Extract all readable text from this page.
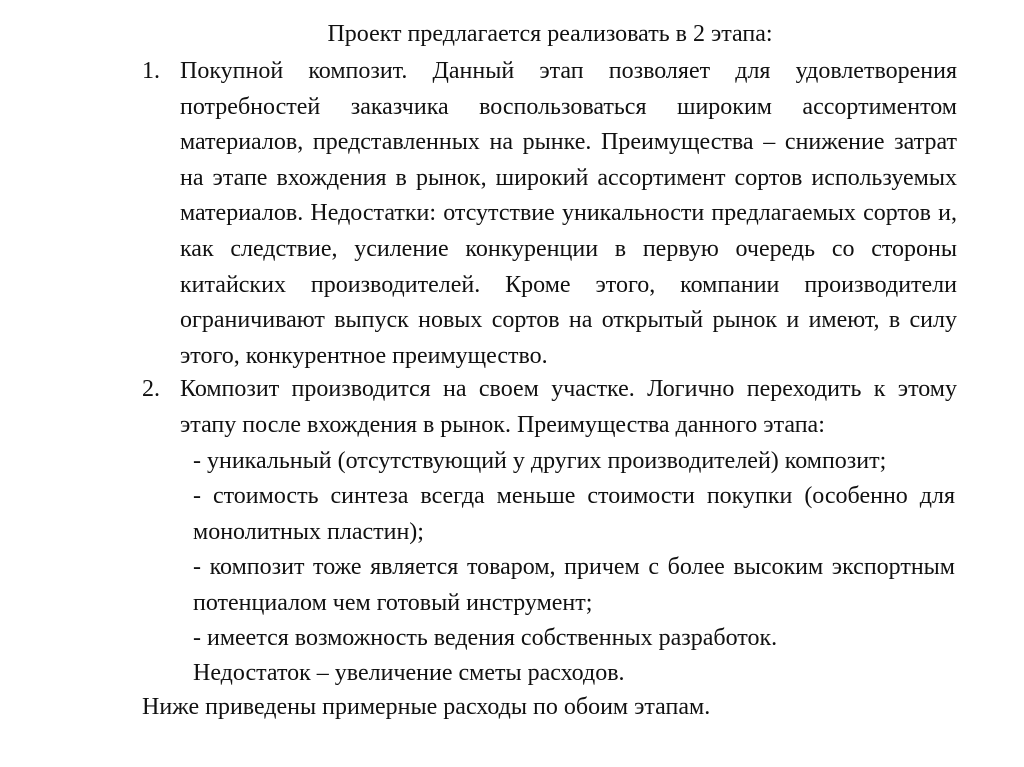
Проект предлагается реализовать в 2 этапа:
1. Покупной композит. Данный этап позволяет для удовлетворения потребностей заказчика воспользоваться широким ассортиментом материалов, представленных на рынке. Преимущества – снижение затрат на этапе вхождения в рынок, широкий ассортимент сортов используемых материалов. Недостатки: отсутствие уникальности предлагаемых сортов и, как следствие, усиление конкуренции в первую очередь со стороны китайских производителей. Кроме этого, компании производители ограничивают выпуск новых сортов на открытый рынок и имеют, в силу этого, конкурентное преимущество.
2. Композит производится на своем участке. Логично переходить к этому этапу после вхождения в рынок. Преимущества данного этапа:
- уникальный (отсутствующий у других производителей) композит;
- стоимость синтеза всегда меньше стоимости покупки (особенно для монолитных пластин);
- композит тоже является товаром, причем с более высоким экспортным потенциалом чем готовый инструмент;
- имеется возможность ведения собственных разработок.
Недостаток – увеличение сметы расходов.
Ниже приведены примерные расходы по обоим этапам.
